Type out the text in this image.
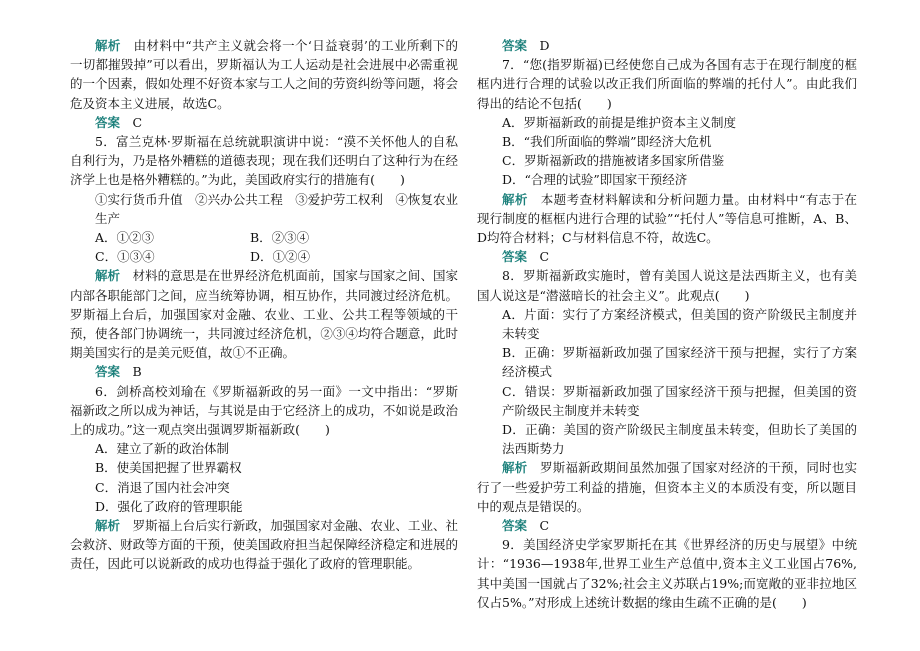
解析　 由材料中“共产主义就会将一个‘日益衰弱’的工业所剩下的一切都摧毁掉”可以看出，罗斯福认为工人运动是社会进展中必需重视的一个因素，假如处理不好资本家与工人之间的劳资纠纷等问题，将会危及资本主义进展，故选C。

答案　 C

5．富兰克林·罗斯福在总统就职演讲中说：“漠不关怀他人的自私自利行为，乃是格外糟糕的道德表现；现在我们还明白了这种行为在经济学上也是格外糟糕的。”为此，美国政府实行的措施有(　　)

①实行货币升值　②兴办公共工程　③爱护劳工权利　④恢复农业生产

A．①②③	B．②③④
C．①③④	D．①②④

解析　 材料的意思是在世界经济危机面前，国家与国家之间、国家内部各职能部门之间，应当统筹协调，相互协作，共同渡过经济危机。罗斯福上台后，加强国家对金融、农业、工业、公共工程等领域的干预，使各部门协调统一，共同渡过经济危机，②③④均符合题意，此时期美国实行的是美元贬值，故①不正确。

答案　 B

6．剑桥高校刘瑜在《罗斯福新政的另一面》一文中指出：“罗斯福新政之所以成为神话，与其说是由于它经济上的成功，不如说是政治上的成功。”这一观点突出强调罗斯福新政(　　)

A．建立了新的政治体制

B．使美国把握了世界霸权

C．消退了国内社会冲突

D．强化了政府的管理职能

解析　 罗斯福上台后实行新政，加强国家对金融、农业、工业、社会救济、财政等方面的干预，使美国政府担当起保障经济稳定和进展的责任，因此可以说新政的成功也得益于强化了政府的管理职能。

答案　 D

7．“您(指罗斯福)已经使您自己成为各国有志于在现行制度的框框内进行合理的试验以改正我们所面临的弊端的托付人”。由此我们得出的结论不包括(　　)

A．罗斯福新政的前提是维护资本主义制度

B．“我们所面临的弊端”即经济大危机

C．罗斯福新政的措施被诸多国家所借鉴

D．“合理的试验”即国家干预经济

解析　 本题考查材料解读和分析问题力量。由材料中“有志于在现行制度的框框内进行合理的试验”“托付人”等信息可推断，A、B、D均符合材料；C与材料信息不符，故选C。

答案　 C

8．罗斯福新政实施时，曾有美国人说这是法西斯主义，也有美国人说这是“潜滋暗长的社会主义”。此观点(　　)

A．片面：实行了方案经济模式，但美国的资产阶级民主制度并未转变

B．正确：罗斯福新政加强了国家经济干预与把握，实行了方案经济模式

C．错误：罗斯福新政加强了国家经济干预与把握，但美国的资产阶级民主制度并未转变

D．正确：美国的资产阶级民主制度虽未转变，但助长了美国的法西斯势力

解析　 罗斯福新政期间虽然加强了国家对经济的干预，同时也实行了一些爱护劳工利益的措施，但资本主义的本质没有变，所以题目中的观点是错误的。

答案　 C

9．美国经济史学家罗斯托在其《世界经济的历史与展望》中统计：“1936—1938年,世界工业生产总值中,资本主义工业国占76%,其中美国一国就占了32%;社会主义苏联占19%;而宽敞的亚非拉地区仅占5%。”对形成上述统计数据的缘由生疏不正确的是(　　)
